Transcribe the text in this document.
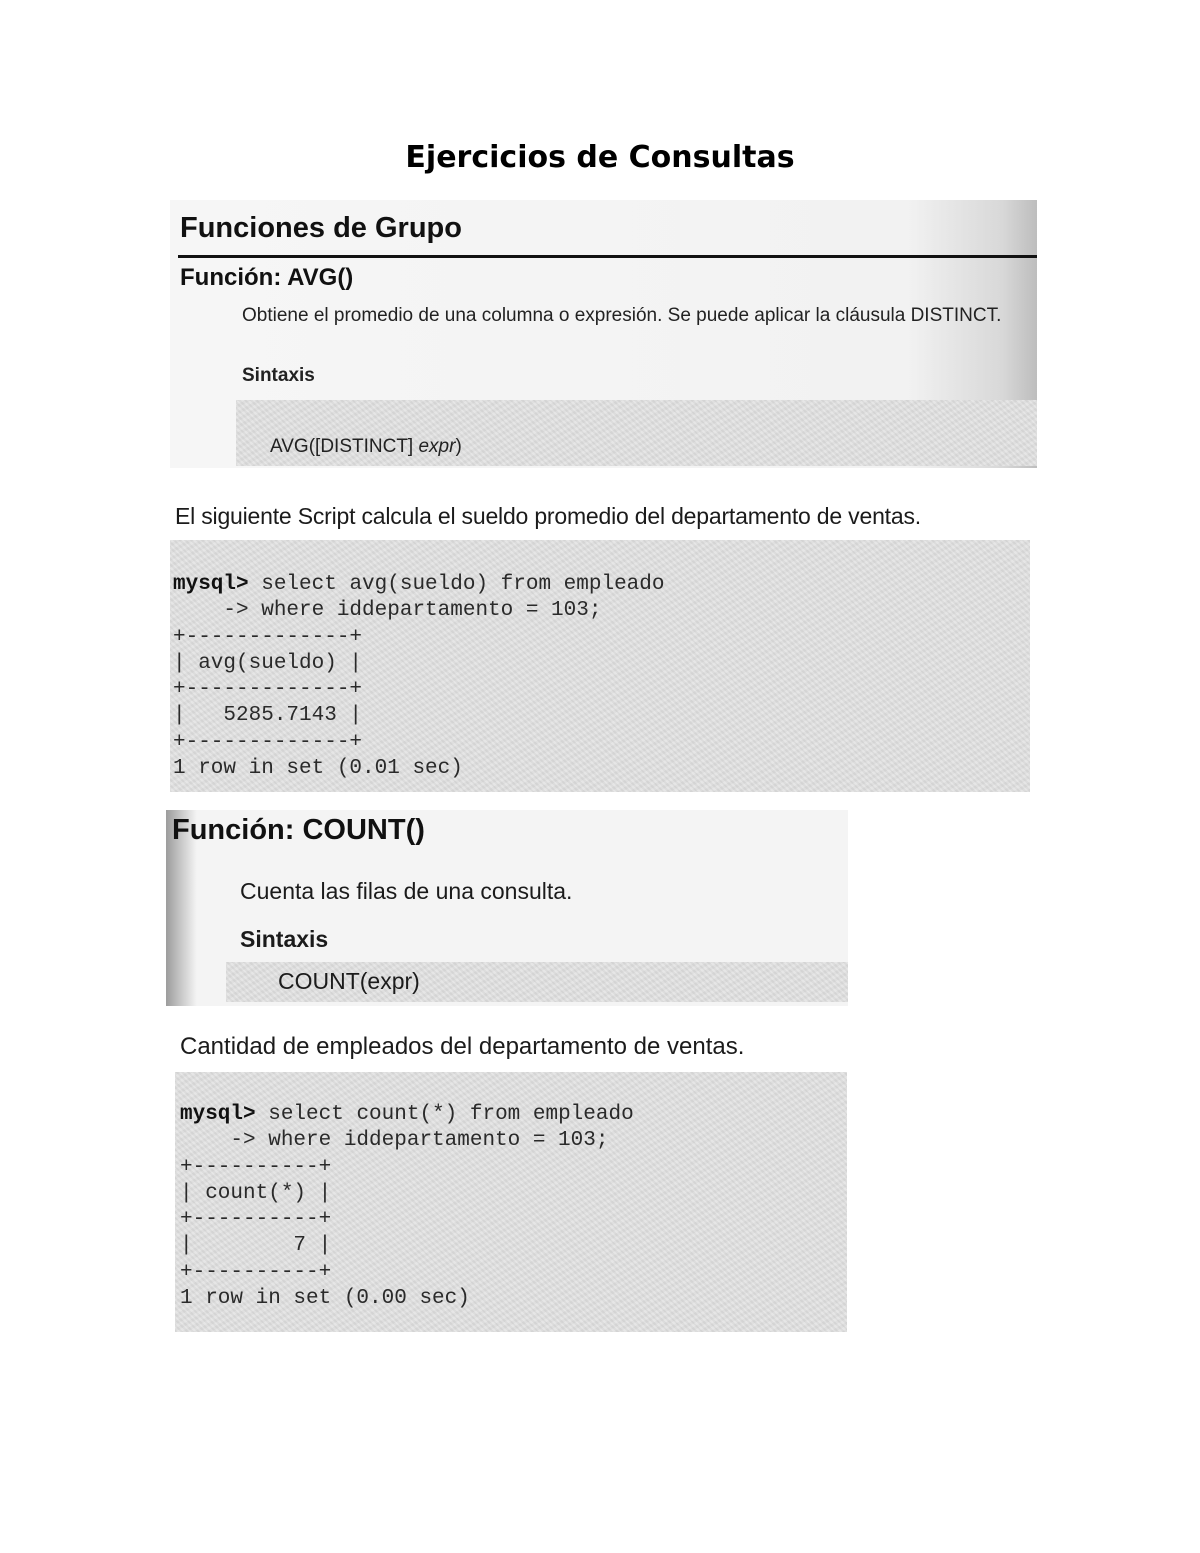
Ejercicios de Consultas
Funciones de Grupo
Función: AVG()
Obtiene el promedio de una columna o expresión. Se puede aplicar la cláusula DISTINCT.
Sintaxis
AVG([DISTINCT] expr)
El siguiente Script calcula el sueldo promedio del departamento de ventas.
mysql> select avg(sueldo) from empleado
-> where iddepartamento = 103;
+-------------+
| avg(sueldo) |
+-------------+
|   5285.7143 |
+-------------+
1 row in set (0.01 sec)
Función: COUNT()
Cuenta las filas de una consulta.
Sintaxis
COUNT(expr)
Cantidad de empleados del departamento de ventas.
mysql> select count(*) from empleado
-> where iddepartamento = 103;
+----------+
| count(*) |
+----------+
|        7 |
+----------+
1 row in set (0.00 sec)
